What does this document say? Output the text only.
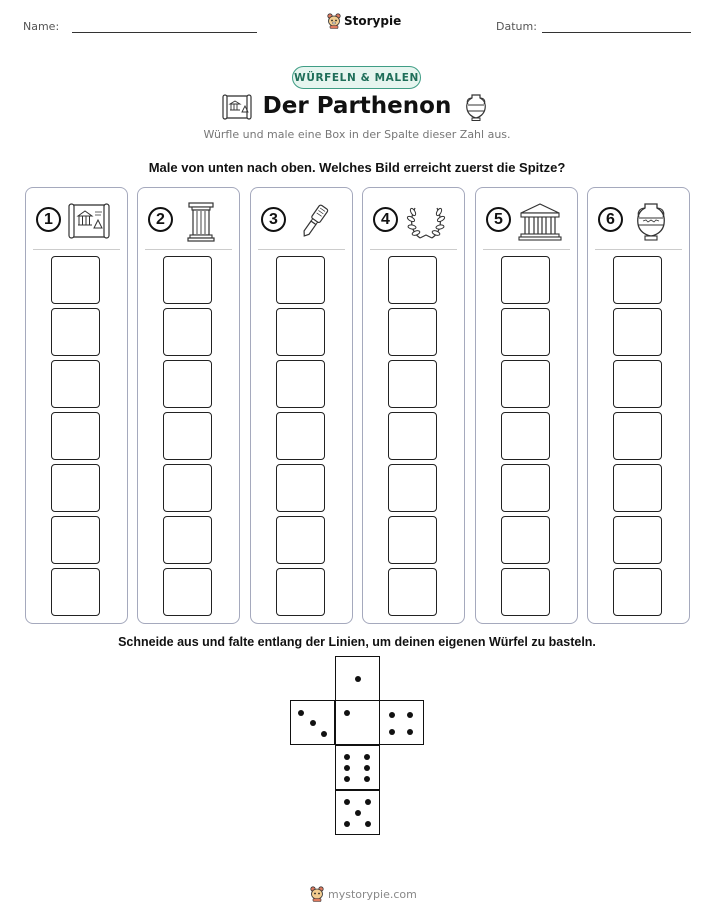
Name:	Storypie	Datum:
WÜRFELN & MALEN
Der Parthenon
Würfle und male eine Box in der Spalte dieser Zahl aus.
Male von unten nach oben. Welches Bild erreicht zuerst die Spitze?
1	2	3	4	5	6
Schneide aus und falte entlang der Linien, um deinen eigenen Würfel zu basteln.
mystorypie.com
